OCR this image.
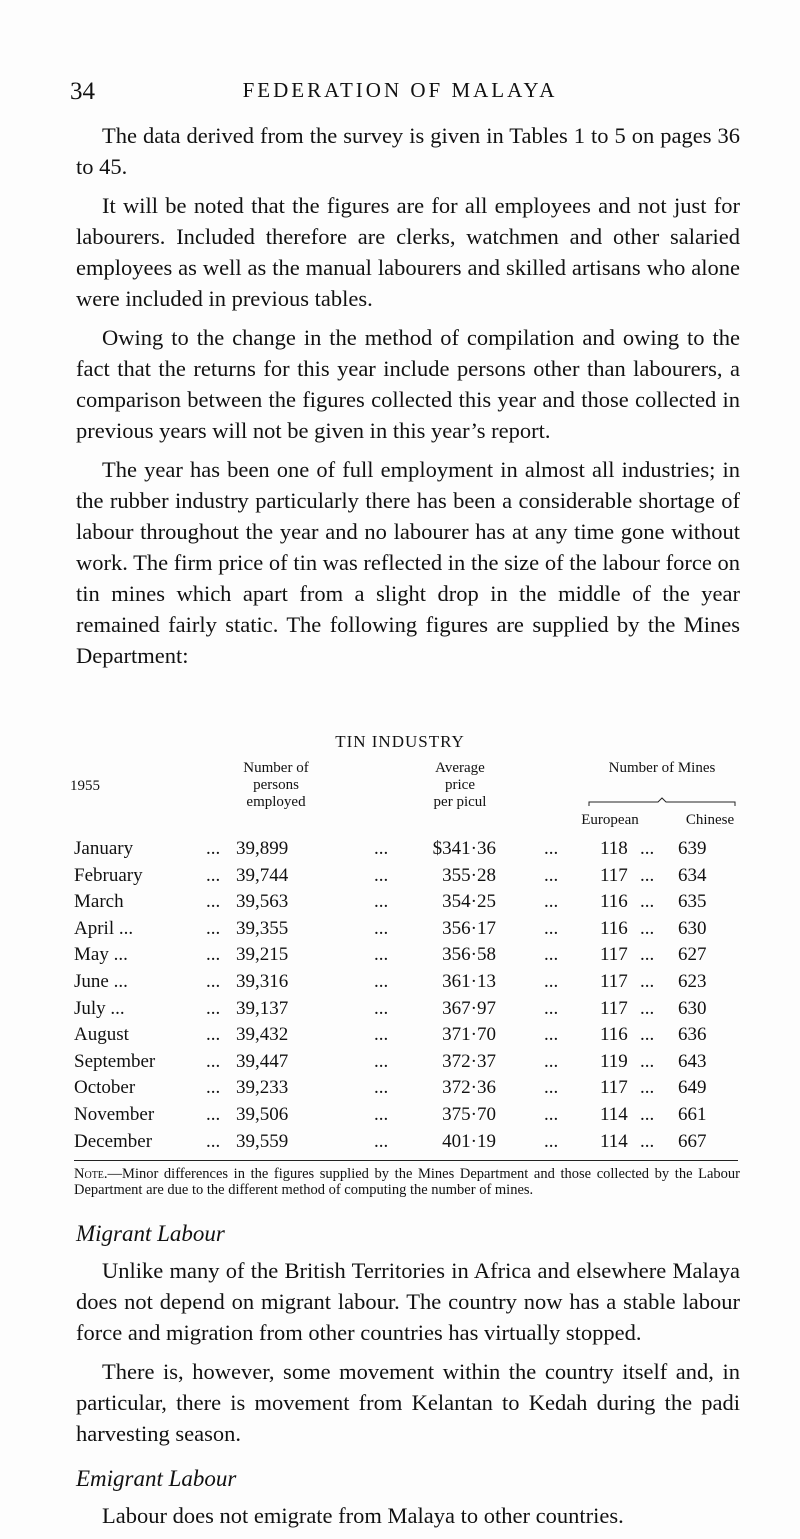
34	FEDERATION OF MALAYA

The data derived from the survey is given in Tables 1 to 5 on pages 36 to 45.

It will be noted that the figures are for all employees and not just for labourers. Included therefore are clerks, watchmen and other salaried employees as well as the manual labourers and skilled artisans who alone were included in previous tables.

Owing to the change in the method of compilation and owing to the fact that the returns for this year include persons other than labourers, a comparison between the figures collected this year and those collected in previous years will not be given in this year’s report.

The year has been one of full employment in almost all industries; in the rubber industry particularly there has been a considerable shortage of labour throughout the year and no labourer has at any time gone without work. The firm price of tin was reflected in the size of the labour force on tin mines which apart from a slight drop in the middle of the year remained fairly static. The following figures are supplied by the Mines Department:

TIN INDUSTRY
1955
Number of
persons
employed
Average
price
per picul
Number of Mines
European	Chinese
January	... 39,899	...	$341·36	... 118 ... 639
February	... 39,744	...	355·28	... 117 ... 634
March	... 39,563	...	354·25	... 116 ... 635
April ...	... 39,355	...	356·17	... 116 ... 630
May ...	... 39,215	...	356·58	... 117 ... 627
June ...	... 39,316	...	361·13	... 117 ... 623
July ...	... 39,137	...	367·97	... 117 ... 630
August	... 39,432	...	371·70	... 116 ... 636
September	... 39,447	...	372·37	... 119 ... 643
October	... 39,233	...	372·36	... 117 ... 649
November	... 39,506	...	375·70	... 114 ... 661
December	... 39,559	...	401·19	... 114 ... 667
Note.—Minor differences in the figures supplied by the Mines Department and those collected by the Labour Department are due to the different method of computing the number of mines.
Migrant Labour

Unlike many of the British Territories in Africa and elsewhere Malaya does not depend on migrant labour. The country now has a stable labour force and migration from other countries has virtually stopped.

There is, however, some movement within the country itself and, in particular, there is movement from Kelantan to Kedah during the padi harvesting season.

Emigrant Labour

Labour does not emigrate from Malaya to other countries.
